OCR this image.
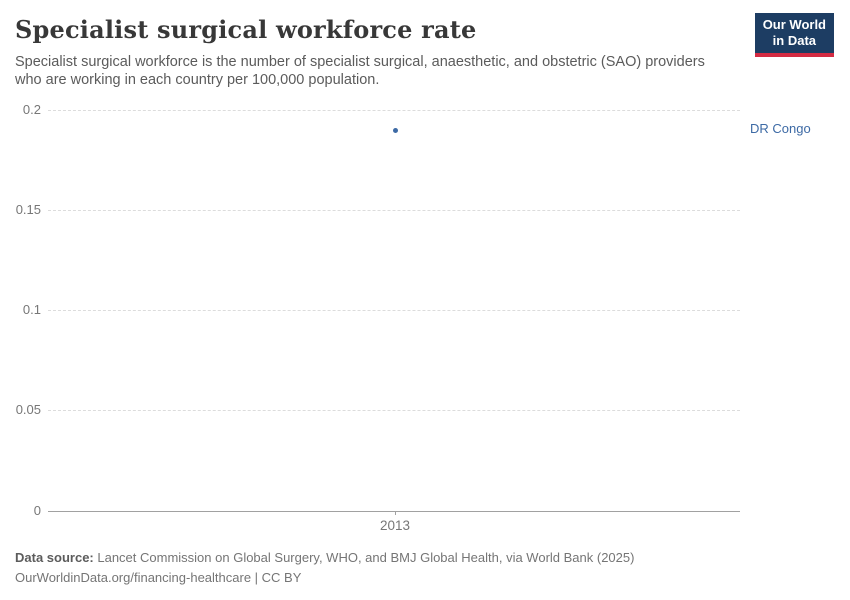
Specialist surgical workforce rate

Specialist surgical workforce is the number of specialist surgical, anaesthetic, and obstetric (SAO) providers who are working in each country per 100,000 population.

Our World
in Data
0
0.05
0.1
0.15
0.2
2013
DR Congo
Data source: Lancet Commission on Global Surgery, WHO, and BMJ Global Health, via World Bank (2025)
OurWorldinData.org/financing-healthcare | CC BY
